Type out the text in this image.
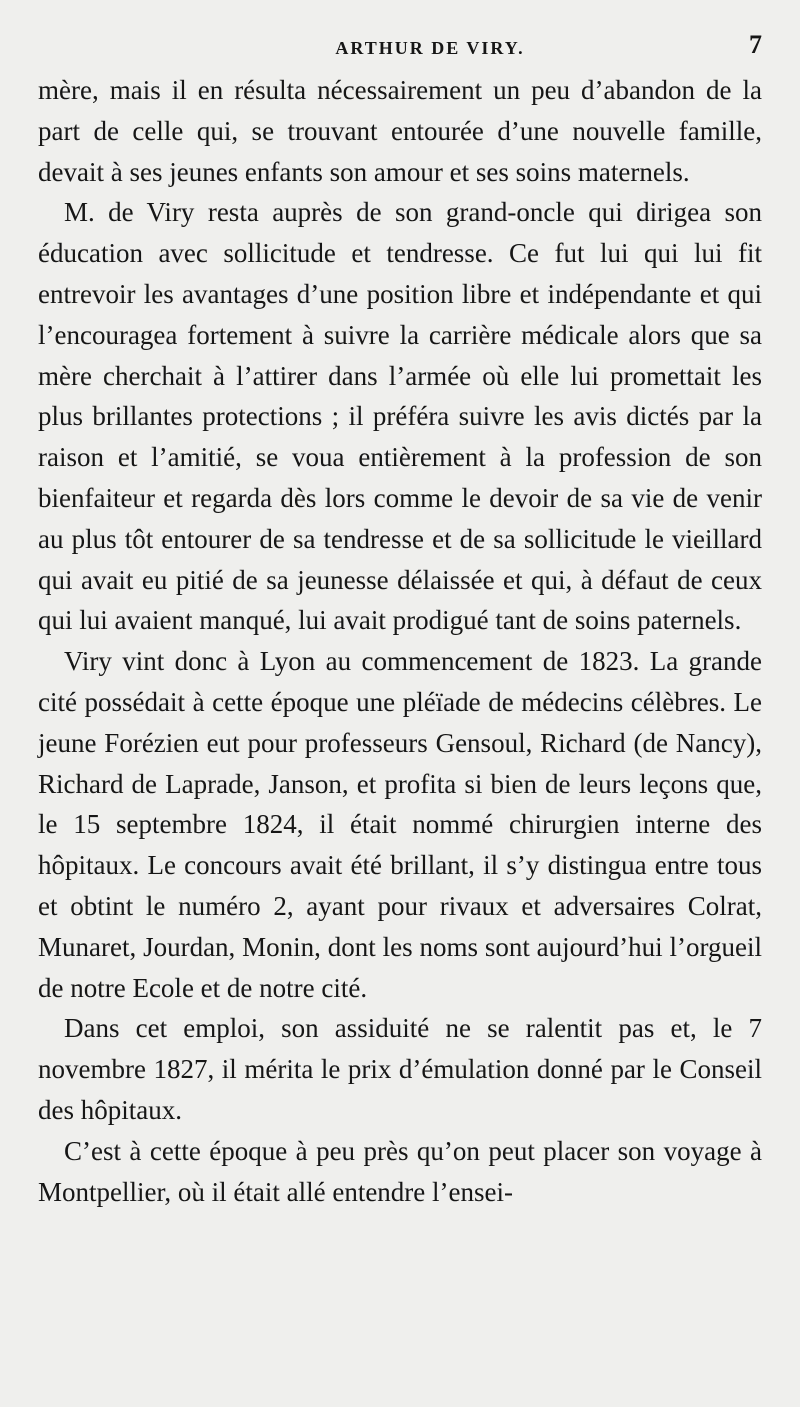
ARTHUR DE VIRY.	7

mère, mais il en résulta nécessairement un peu d’abandon de la part de celle qui, se trouvant entourée d’une nouvelle famille, devait à ses jeunes enfants son amour et ses soins maternels.

M. de Viry resta auprès de son grand-oncle qui dirigea son éducation avec sollicitude et tendresse. Ce fut lui qui lui fit entrevoir les avantages d’une position libre et indépendante et qui l’encouragea fortement à suivre la carrière médicale alors que sa mère cherchait à l’attirer dans l’armée où elle lui promettait les plus brillantes protections ; il préféra suivre les avis dictés par la raison et l’amitié, se voua entièrement à la profession de son bienfaiteur et regarda dès lors comme le devoir de sa vie de venir au plus tôt entourer de sa tendresse et de sa sollicitude le vieillard qui avait eu pitié de sa jeunesse délaissée et qui, à défaut de ceux qui lui avaient manqué, lui avait prodigué tant de soins paternels.

Viry vint donc à Lyon au commencement de 1823. La grande cité possédait à cette époque une pléïade de médecins célèbres. Le jeune Forézien eut pour professeurs Gensoul, Richard (de Nancy), Richard de Laprade, Janson, et profita si bien de leurs leçons que, le 15 septembre 1824, il était nommé chirurgien interne des hôpitaux. Le concours avait été brillant, il s’y distingua entre tous et obtint le numéro 2, ayant pour rivaux et adversaires Colrat, Munaret, Jourdan, Monin, dont les noms sont aujourd’hui l’orgueil de notre Ecole et de notre cité.

Dans cet emploi, son assiduité ne se ralentit pas et, le 7 novembre 1827, il mérita le prix d’émulation donné par le Conseil des hôpitaux.

C’est à cette époque à peu près qu’on peut placer son voyage à Montpellier, où il était allé entendre l’ensei-
